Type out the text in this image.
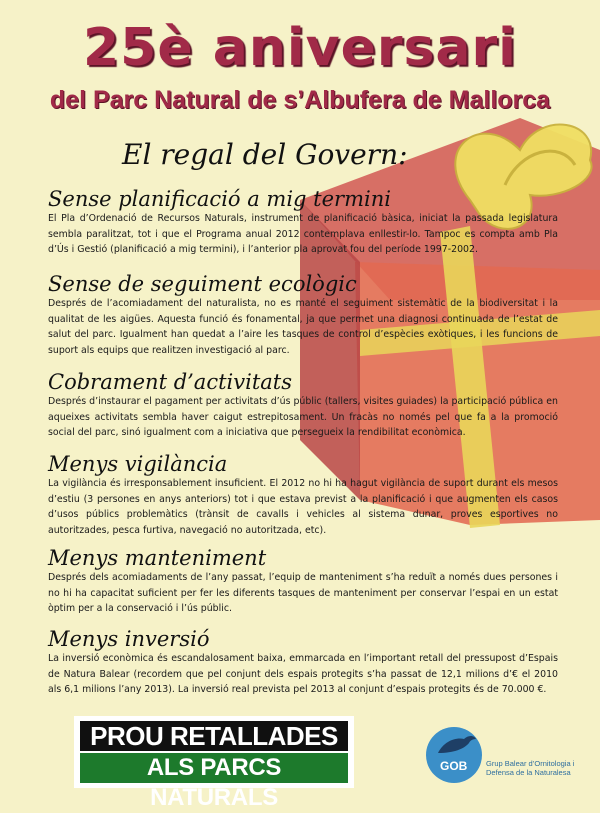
25è aniversari
del Parc Natural de s’Albufera de Mallorca
El regal del Govern:
Sense planificació a mig termini

El Pla d’Ordenació de Recursos Naturals, instrument de planificació bàsica, iniciat la passada legislatura sembla paralitzat, tot i que el Programa anual 2012 contemplava enllestir-lo. Tampoc es compta amb Pla d’Ús i Gestió (planificació a mig termini), i l’anterior pla aprovat fou del període 1997-2002.

Sense de seguiment ecològic

Després de l’acomiadament del naturalista, no es manté el seguiment sistemàtic de la biodiversitat i la qualitat de les aigües. Aquesta funció és fonamental, ja que permet una diagnosi continuada de l’estat de salut del parc. Igualment han quedat a l’aire les tasques de control d’espècies exòtiques, i les funcions de suport als equips que realitzen investigació al parc.

Cobrament d’activitats

Després d’instaurar el pagament per activitats d’ús públic (tallers, visites guiades) la participació pública en aqueixes activitats sembla haver caigut estrepitosament. Un fracàs no només pel que fa a la promoció social del parc, sinó igualment com a iniciativa que persegueix la rendibilitat econòmica.

Menys vigilància

La vigilància és irresponsablement insuficient. El 2012 no hi ha hagut vigilància de suport durant els mesos d’estiu (3 persones en anys anteriors) tot i que estava previst a la planificació i que augmenten els casos d’usos públics problemàtics (trànsit de cavalls i vehicles al sistema dunar, proves esportives no autoritzades, pesca furtiva, navegació no autoritzada, etc).

Menys manteniment

Després dels acomiadaments de l’any passat, l’equip de manteniment s’ha reduït a només dues persones i no hi ha capacitat suficient per fer les diferents tasques de manteniment per conservar l’espai en un estat òptim per a la conservació i l’ús públic.

Menys inversió

La inversió econòmica és escandalosament baixa, emmarcada en l’important retall del pressupost d’Espais de Natura Balear (recordem que pel conjunt dels espais protegits s’ha passat de 12,1 milions d’€ el 2010 als 6,1 milions l’any 2013). La inversió real prevista pel 2013 al conjunt d’espais protegits és de 70.000 €.

PROU RETALLADES
ALS PARCS NATURALS
GOB Grup Balear d’Ornitologia i Defensa de la Naturalesa
